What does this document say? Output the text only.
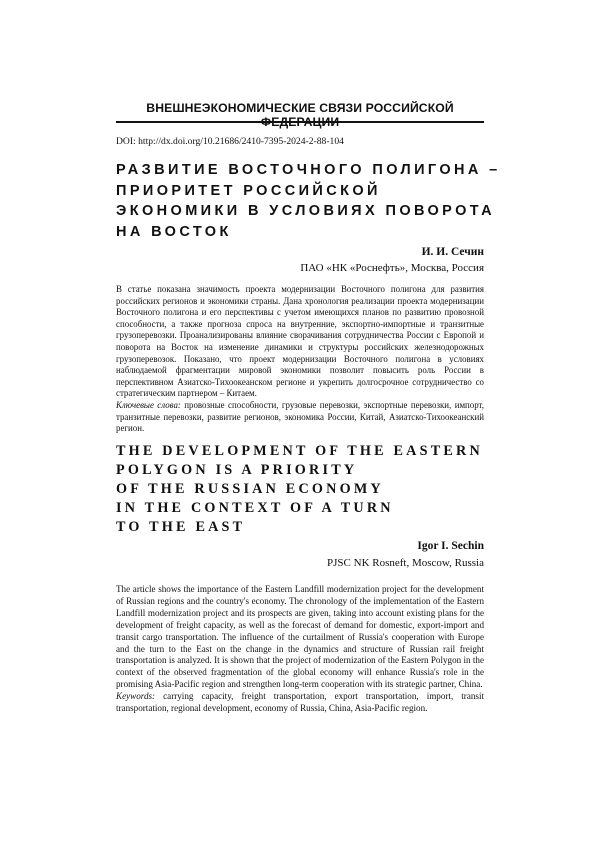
ВНЕШНЕЭКОНОМИЧЕСКИЕ СВЯЗИ РОССИЙСКОЙ ФЕДЕРАЦИИ
DOI: http://dx.doi.org/10.21686/2410-7395-2024-2-88-104
РАЗВИТИЕ ВОСТОЧНОГО ПОЛИГОНА –
ПРИОРИТЕТ РОССИЙСКОЙ
ЭКОНОМИКИ В УСЛОВИЯХ ПОВОРОТА
НА ВОСТОК
И. И. Сечин
ПАО «НК «Роснефть», Москва, Россия

В статье показана значимость проекта модернизации Восточного полигона для развития российских регионов и экономики страны. Дана хронология реализации проекта модернизации Восточного полигона и его перспективы с учетом имеющихся планов по развитию провозной способности, а также прогноза спроса на внутренние, экспортно-импортные и транзитные грузоперевозки. Проанализированы влияние сворачивания сотрудничества России с Европой и поворота на Восток на изменение динамики и структуры российских железнодорожных грузоперевозок. Показано, что проект модернизации Восточного полигона в условиях наблюдаемой фрагментации мировой экономики позволит повысить роль России в перспективном Азиатско-Тихоокеанском регионе и укрепить долгосрочное сотрудничество со стратегическим партнером – Китаем.

Ключевые слова: провозные способности, грузовые перевозки, экспортные перевозки, импорт, транзитные перевозки, развитие регионов, экономика России, Китай, Азиатско-Тихоокеанский регион.

THE DEVELOPMENT OF THE EASTERN
POLYGON IS A PRIORITY
OF THE RUSSIAN ECONOMY
IN THE CONTEXT OF A TURN
TO THE EAST
Igor I. Sechin
PJSC NK Rosneft, Moscow, Russia

The article shows the importance of the Eastern Landfill modernization project for the development of Russian regions and the country's economy. The chronology of the implementation of the Eastern Landfill modernization project and its prospects are given, taking into account existing plans for the development of freight capacity, as well as the forecast of demand for domestic, export-import and transit cargo transportation. The influence of the curtailment of Russia's cooperation with Europe and the turn to the East on the change in the dynamics and structure of Russian rail freight transportation is analyzed. It is shown that the project of modernization of the Eastern Polygon in the context of the observed fragmentation of the global economy will enhance Russia's role in the promising Asia-Pacific region and strengthen long-term cooperation with its strategic partner, China.

Keywords: carrying capacity, freight transportation, export transportation, import, transit transportation, regional development, economy of Russia, China, Asia-Pacific region.
